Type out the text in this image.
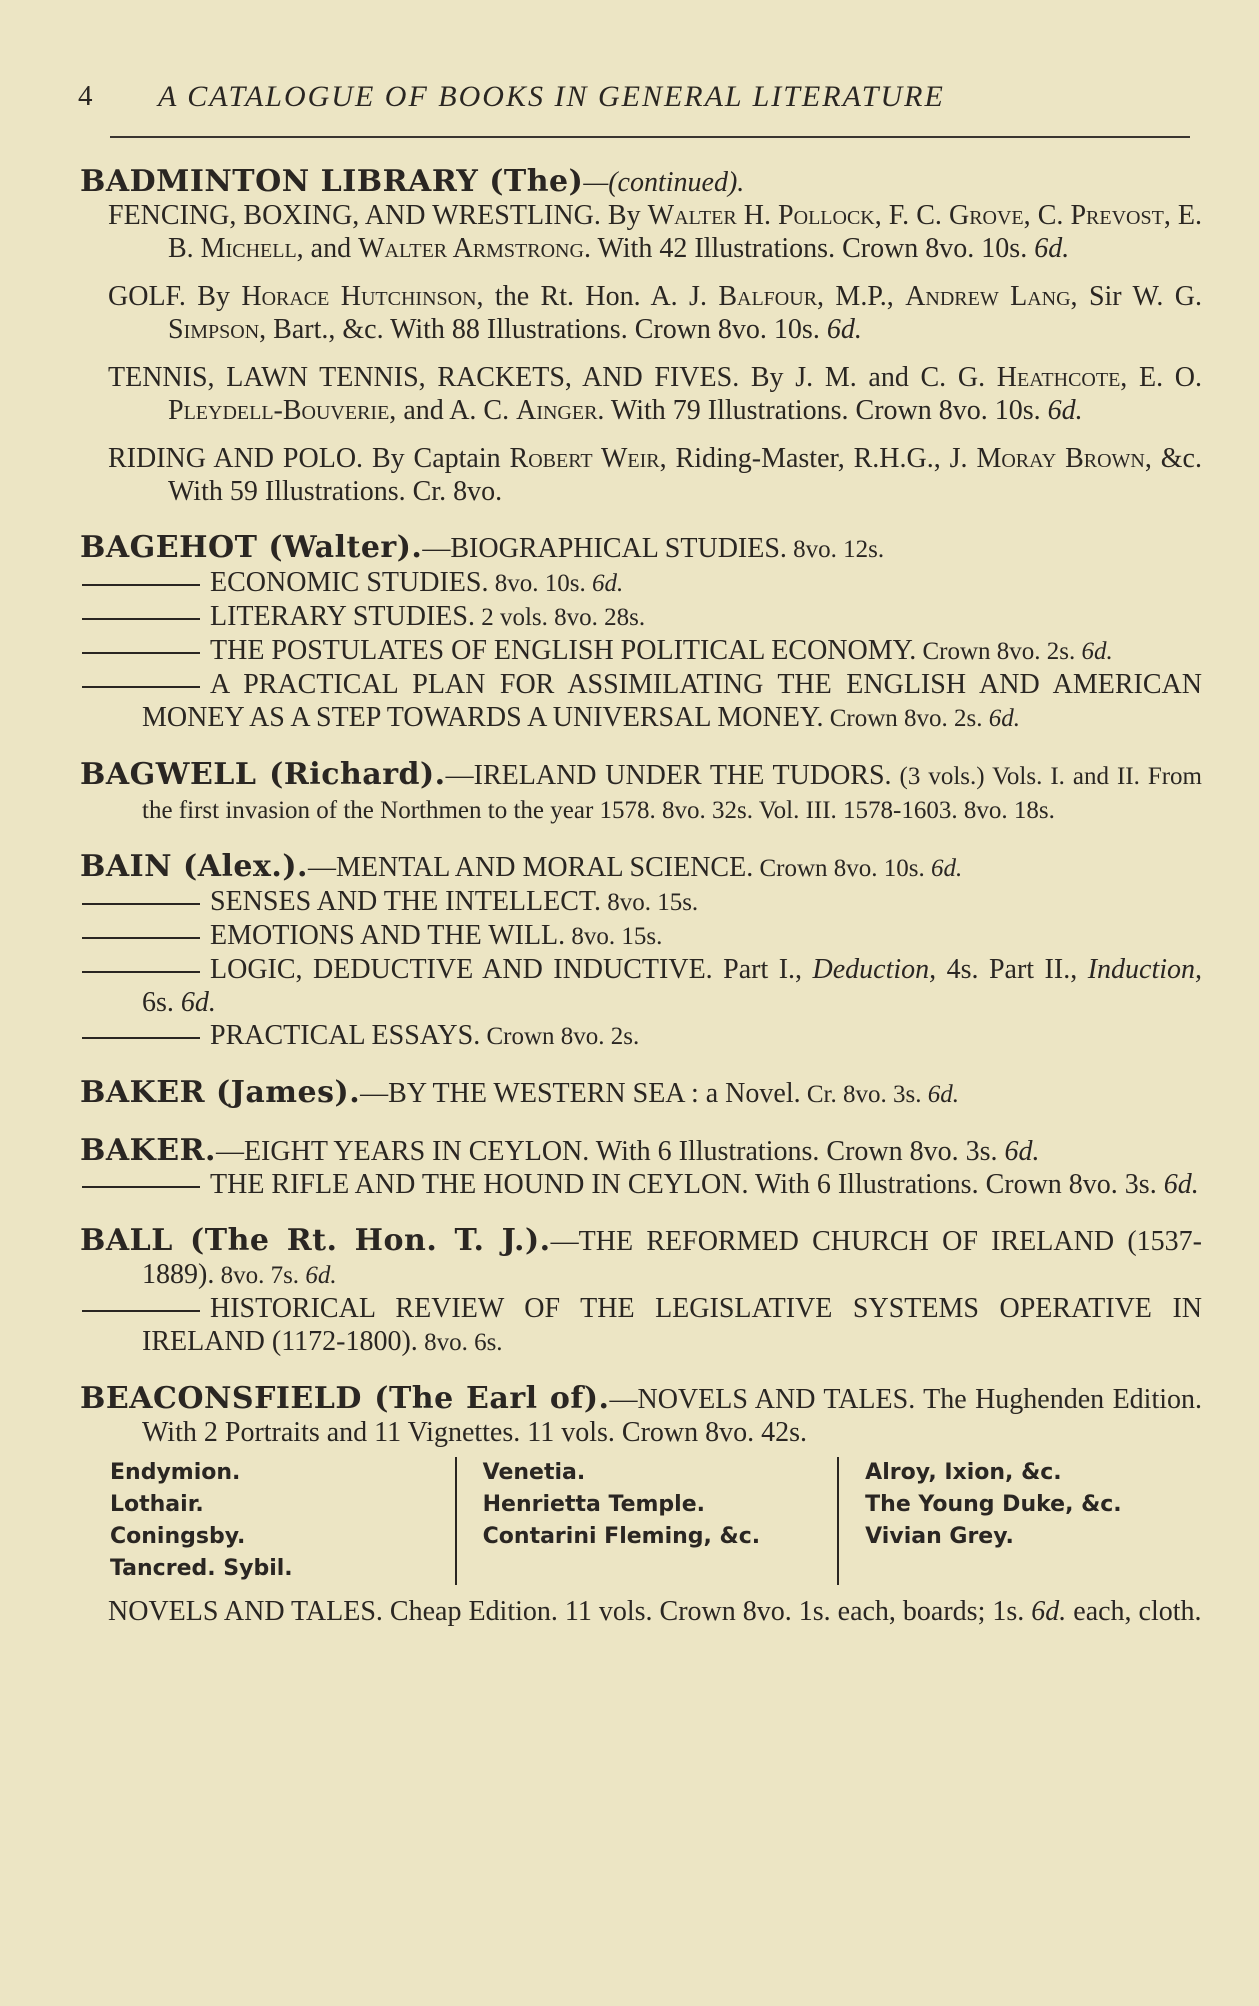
4 A CATALOGUE OF BOOKS IN GENERAL LITERATURE
BADMINTON LIBRARY (The)—(continued).
FENCING, BOXING, AND WRESTLING. By Walter H. Pollock, F. C. Grove, C. Prevost, E. B. Michell, and Walter Armstrong. With 42 Illustrations. Crown 8vo. 10s. 6d.
GOLF. By Horace Hutchinson, the Rt. Hon. A. J. Balfour, M.P., Andrew Lang, Sir W. G. Simpson, Bart., &c. With 88 Illustrations. Crown 8vo. 10s. 6d.
TENNIS, LAWN TENNIS, RACKETS, AND FIVES. By J. M. and C. G. Heathcote, E. O. Pleydell-Bouverie, and A. C. Ainger. With 79 Illustrations. Crown 8vo. 10s. 6d.
RIDING AND POLO. By Captain Robert Weir, Riding-Master, R.H.G., J. Moray Brown, &c. With 59 Illustrations. Cr. 8vo.
BAGEHOT (Walter).—BIOGRAPHICAL STUDIES. 8vo. 12s.
ECONOMIC STUDIES. 8vo. 10s. 6d.
LITERARY STUDIES. 2 vols. 8vo. 28s.
THE POSTULATES OF ENGLISH POLITICAL ECONOMY. Crown 8vo. 2s. 6d.
A PRACTICAL PLAN FOR ASSIMILATING THE ENGLISH AND AMERICAN MONEY AS A STEP TOWARDS A UNIVERSAL MONEY. Crown 8vo. 2s. 6d.
BAGWELL (Richard).—IRELAND UNDER THE TUDORS. (3 vols.) Vols. I. and II. From the first invasion of the Northmen to the year 1578. 8vo. 32s. Vol. III. 1578-1603. 8vo. 18s.
BAIN (Alex.).—MENTAL AND MORAL SCIENCE. Crown 8vo. 10s. 6d.
SENSES AND THE INTELLECT. 8vo. 15s.
EMOTIONS AND THE WILL. 8vo. 15s.
LOGIC, DEDUCTIVE AND INDUCTIVE. Part I., Deduction, 4s. Part II., Induction, 6s. 6d.
PRACTICAL ESSAYS. Crown 8vo. 2s.
BAKER (James).—BY THE WESTERN SEA : a Novel. Cr. 8vo. 3s. 6d.
BAKER.—EIGHT YEARS IN CEYLON. With 6 Illustrations. Crown 8vo. 3s. 6d.
THE RIFLE AND THE HOUND IN CEYLON. With 6 Illustrations. Crown 8vo. 3s. 6d.
BALL (The Rt. Hon. T. J.).—THE REFORMED CHURCH OF IRELAND (1537-1889). 8vo. 7s. 6d.
HISTORICAL REVIEW OF THE LEGISLATIVE SYSTEMS OPERATIVE IN IRELAND (1172-1800). 8vo. 6s.
BEACONSFIELD (The Earl of).—NOVELS AND TALES. The Hughenden Edition. With 2 Portraits and 11 Vignettes. 11 vols. Crown 8vo. 42s.
Endymion.
Lothair.
Coningsby.
Tancred. Sybil.
Venetia.
Henrietta Temple.
Contarini Fleming, &c.
Alroy, Ixion, &c.
The Young Duke, &c.
Vivian Grey.
NOVELS AND TALES. Cheap Edition. 11 vols. Crown 8vo. 1s. each, boards; 1s. 6d. each, cloth.
